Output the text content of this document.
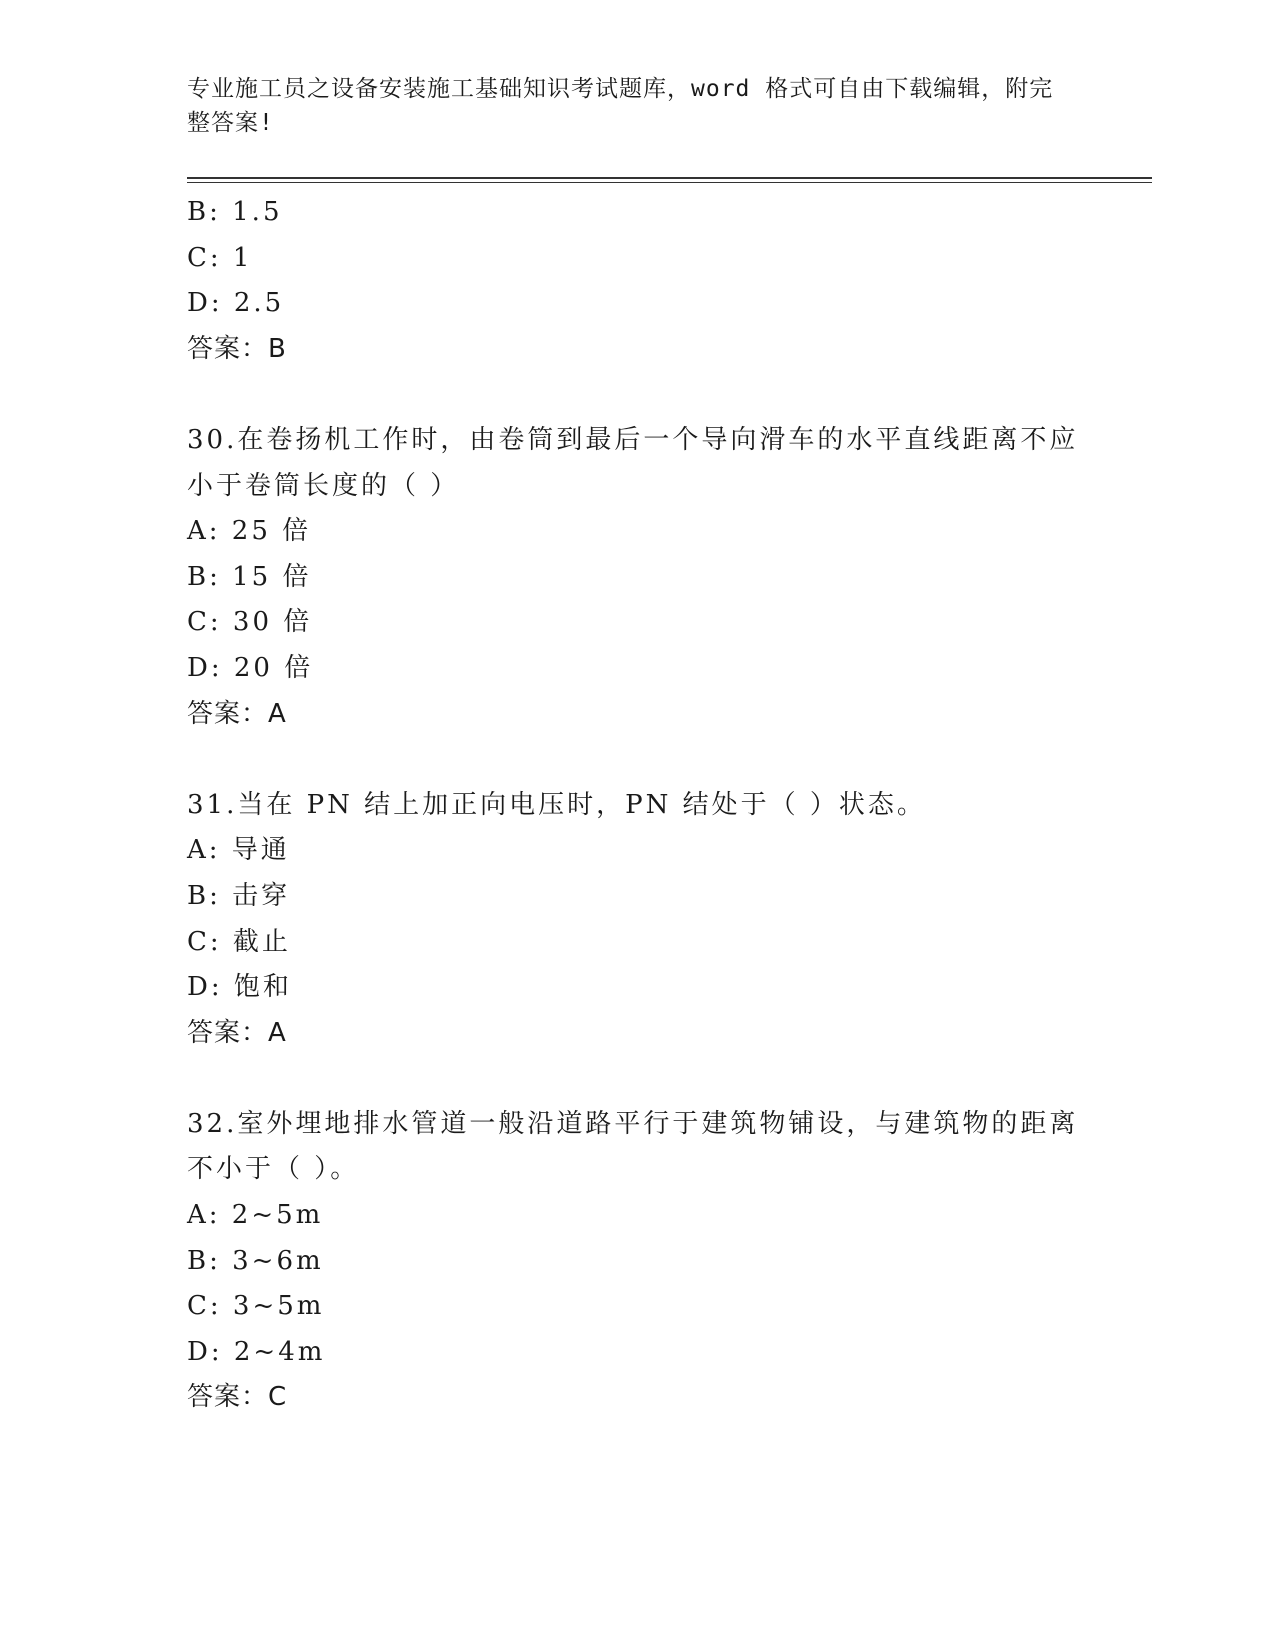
专业施工员之设备安装施工基础知识考试题库，word 格式可自由下载编辑，附完
整答案!
B: 1.5
C: 1
D: 2.5
答案：B
30.在卷扬机工作时，由卷筒到最后一个导向滑车的水平直线距离不应
小于卷筒长度的（ ）
A: 25 倍
B: 15 倍
C: 30 倍
D: 20 倍
答案：A
31.当在 PN 结上加正向电压时，PN 结处于（ ）状态。
A: 导通
B: 击穿
C: 截止
D: 饱和
答案：A
32.室外埋地排水管道一般沿道路平行于建筑物铺设，与建筑物的距离
不小于（ ）。
A: 2~5m
B: 3~6m
C: 3~5m
D: 2~4m
答案：C
